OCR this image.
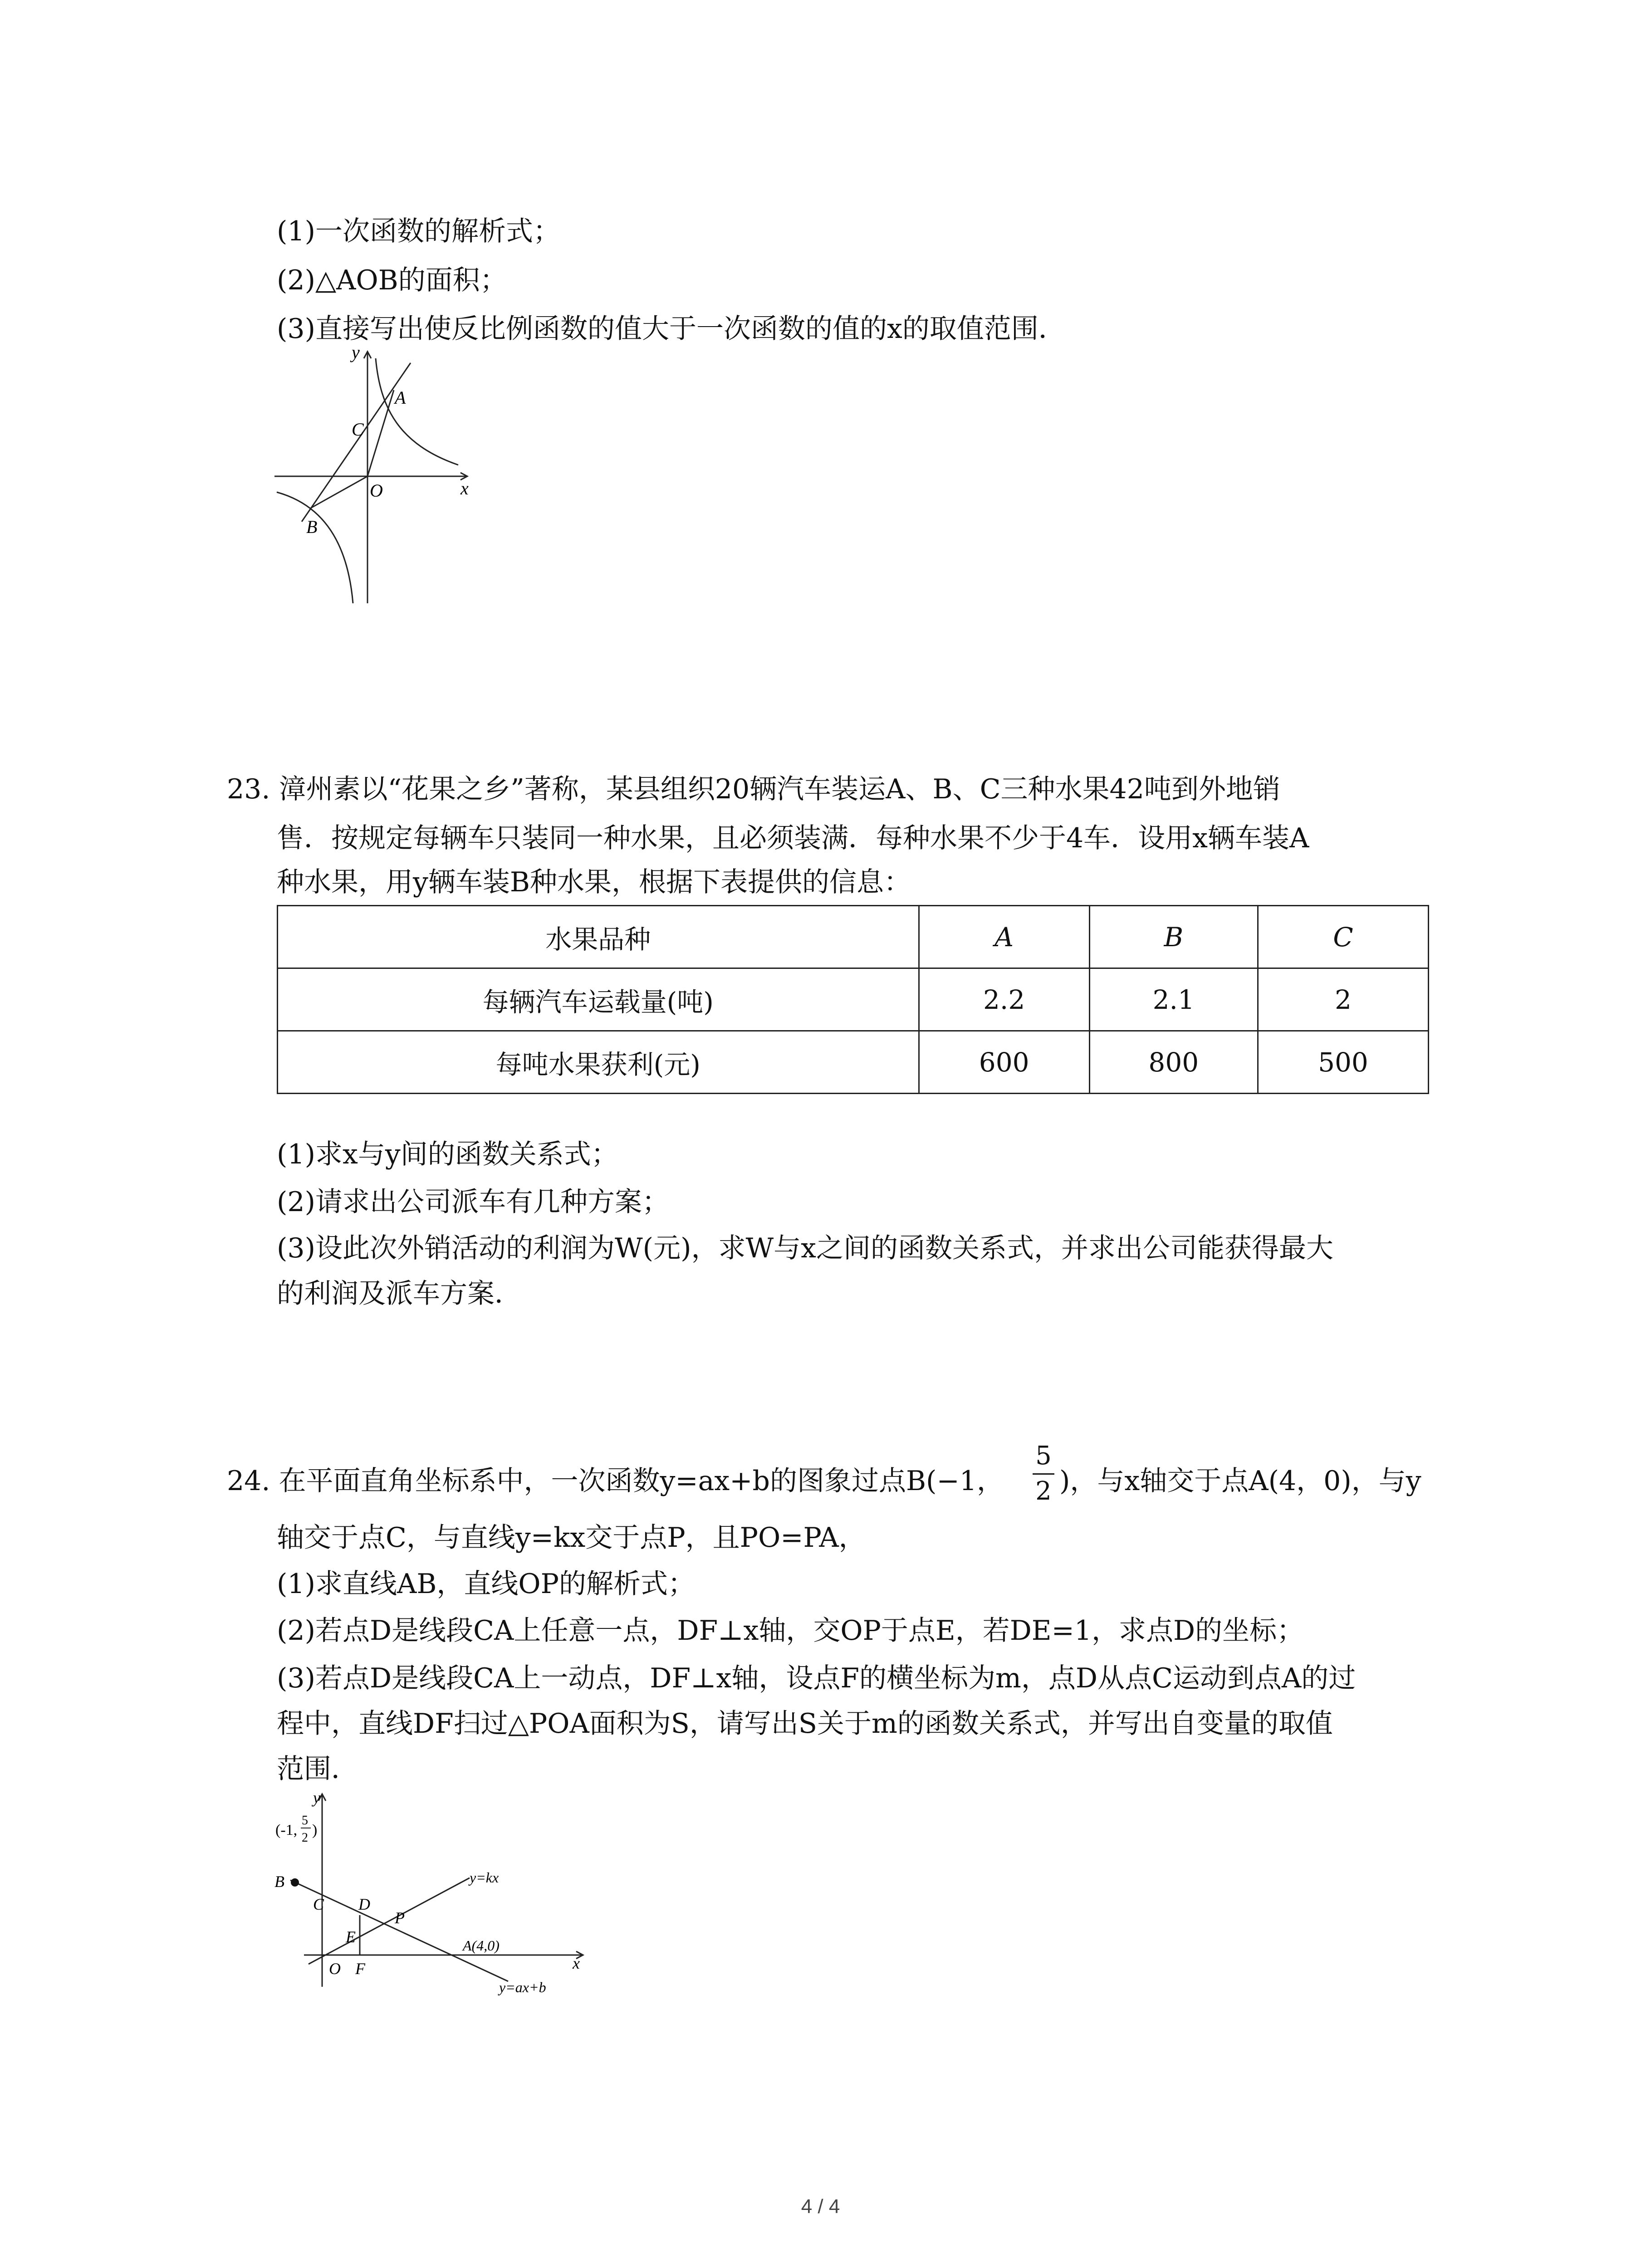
(1)一次函数的解析式；
(2)△AOB的面积；
(3)直接写出使反比例函数的值大于一次函数的值的x的取值范围．
y
x
A
C
O
B
23. 漳州素以“花果之乡”著称，某县组织20辆汽车装运A、B、C三种水果42吨到外地销
售．按规定每辆车只装同一种水果，且必须装满．每种水果不少于4车．设用x辆车装A
种水果，用y辆车装B种水果，根据下表提供的信息：
水果品种	A	B	C
每辆汽车运载量(吨)	2.2	2.1	2
每吨水果获利(元)	600	800	500
(1)求x与y间的函数关系式；
(2)请求出公司派车有几种方案；
(3)设此次外销活动的利润为W(元)，求W与x之间的函数关系式，并求出公司能获得最大
的利润及派车方案．
24. 在平面直角坐标系中，一次函数y=ax+b的图象过点B(−1，
5
2 )，与x轴交于点A(4，0)，与y
轴交于点C，与直线y=kx交于点P，且PO=PA，
(1)求直线AB，直线OP的解析式；
(2)若点D是线段CA上任意一点，DF⊥x轴，交OP于点E，若DE=1，求点D的坐标；
(3)若点D是线段CA上一动点，DF⊥x轴，设点F的横坐标为m，点D从点C运动到点A的过
程中，直线DF扫过△POA面积为S，请写出S关于m的函数关系式，并写出自变量的取值
范围．
(-1,
5
2 )
y
x
B
C D
P
E
O F
A(4,0)
y=kx
y=ax+b
4 / 4
